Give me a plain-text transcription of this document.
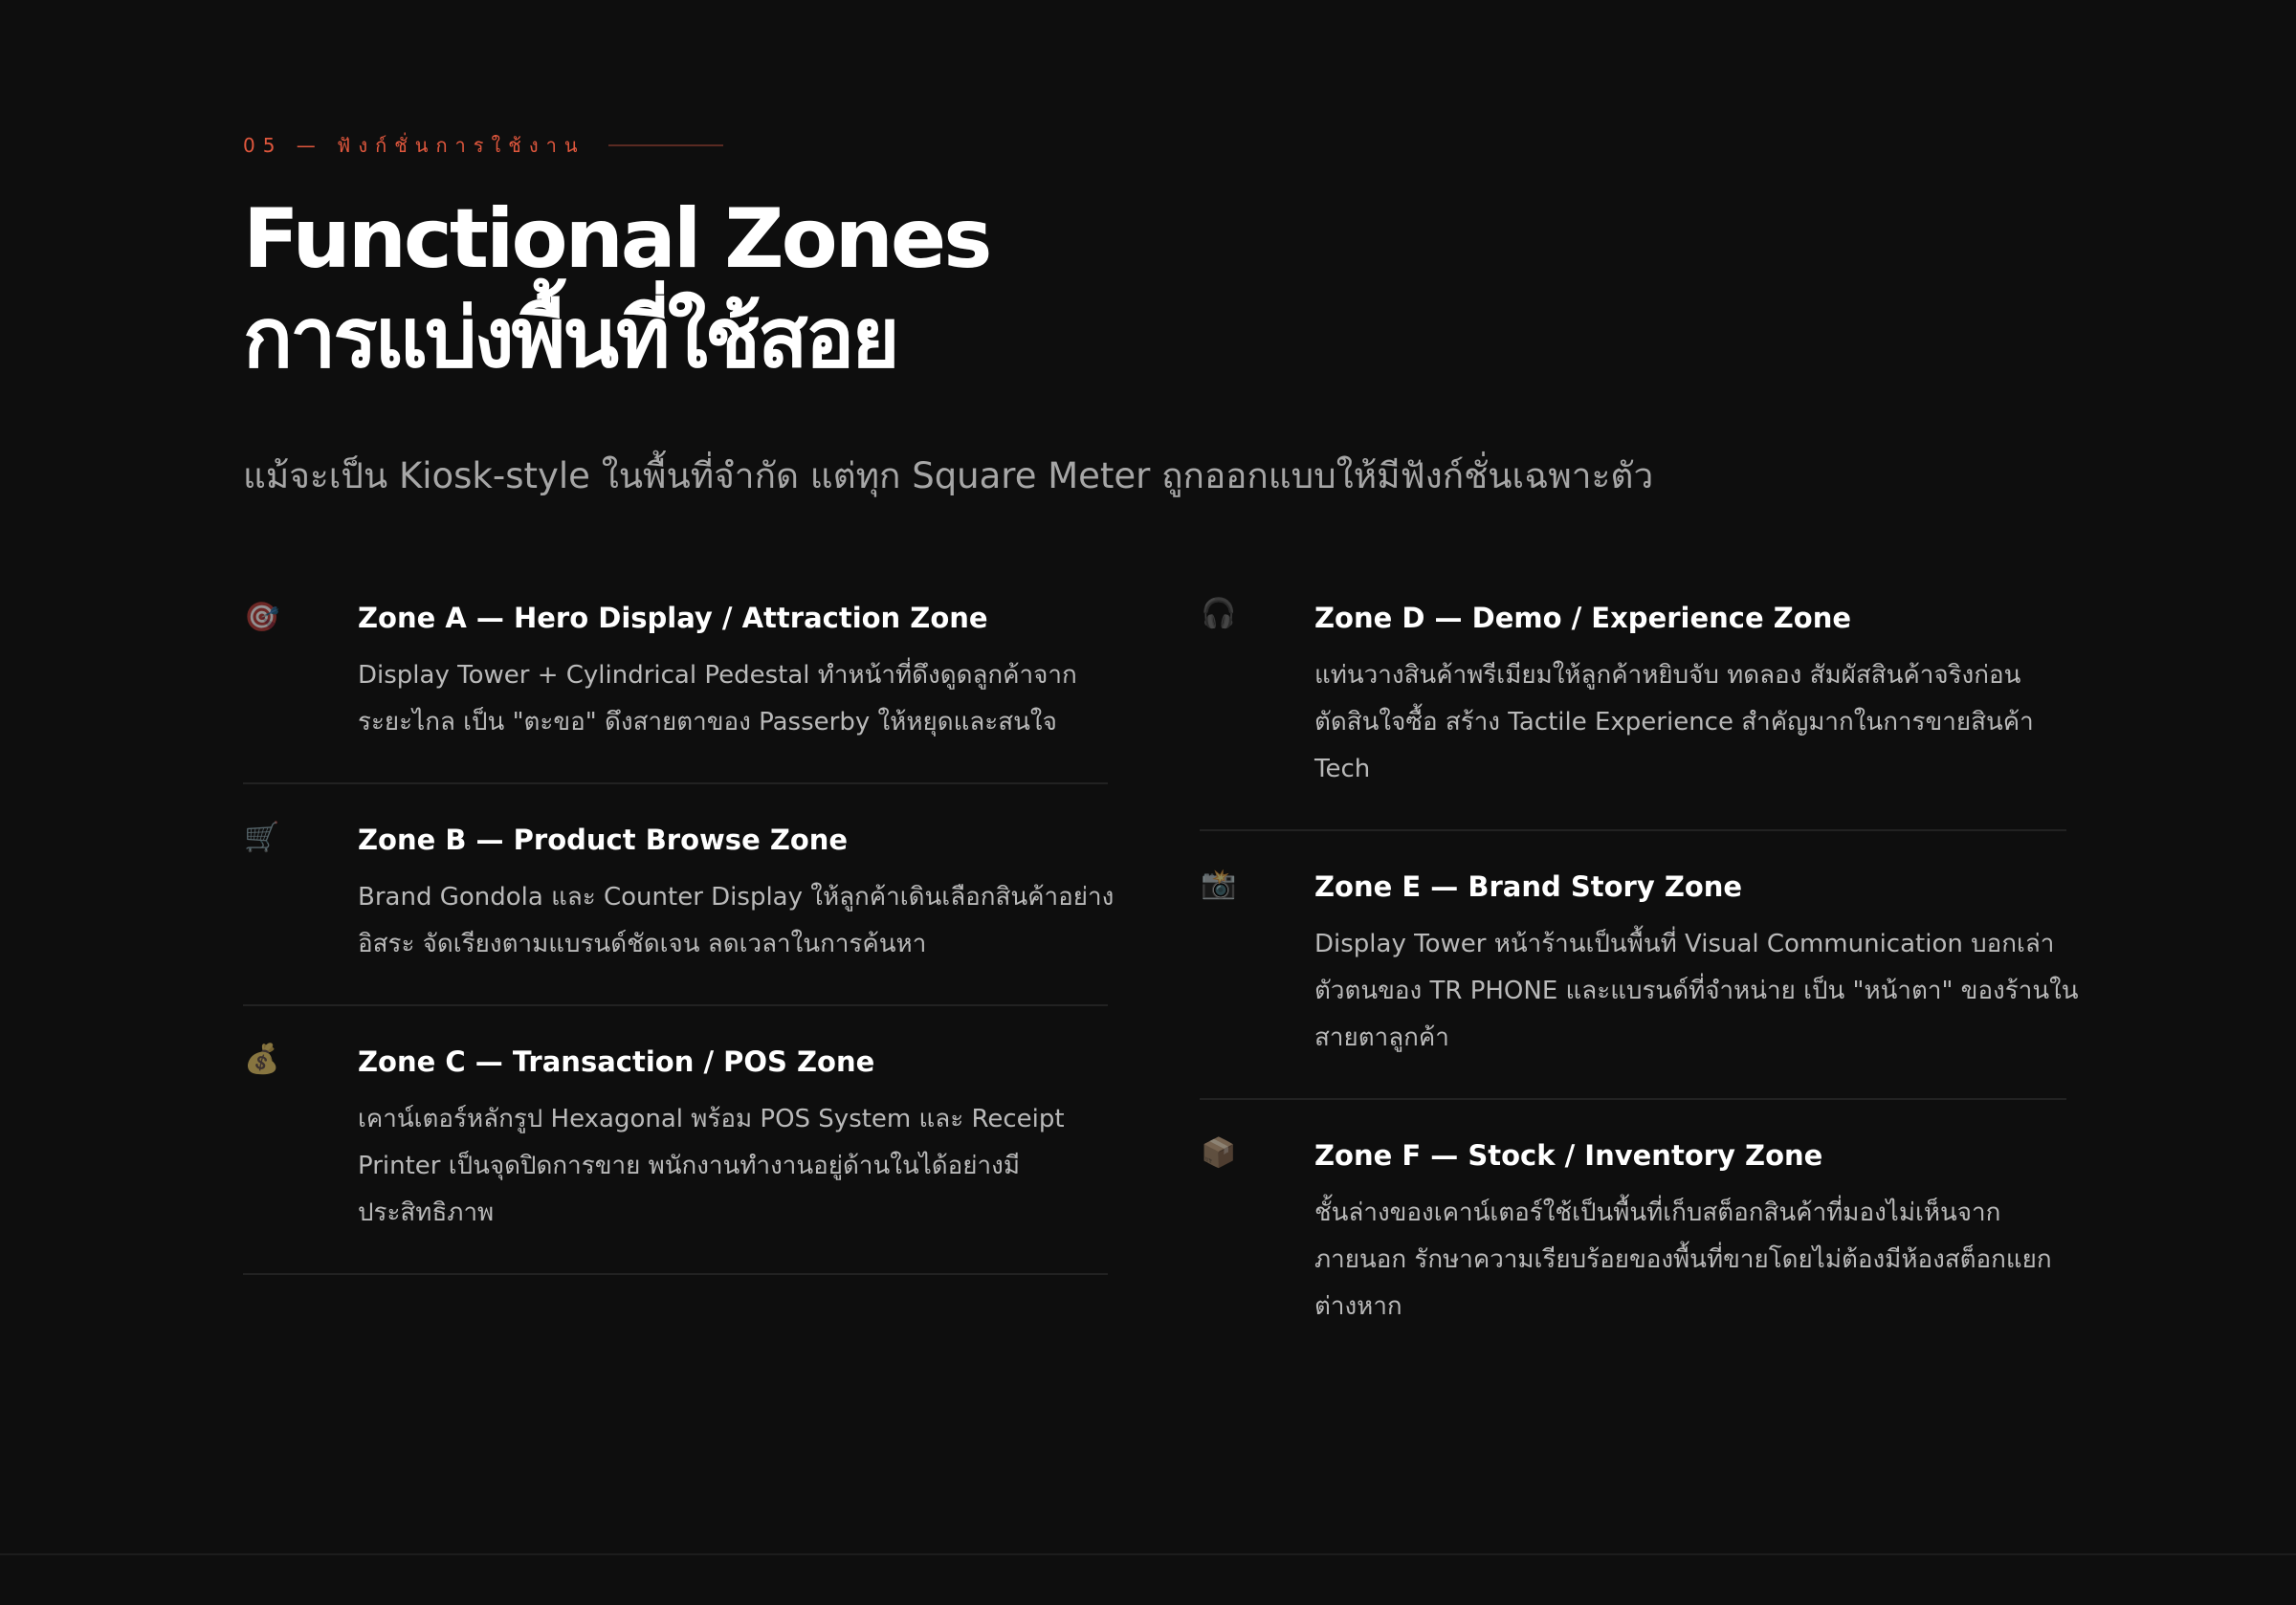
05 — ฟังก์ชั่นการใช้งาน
Functional Zones
การแบ่งพื้นที่ใช้สอย

แม้จะเป็น Kiosk-style ในพื้นที่จำกัด แต่ทุก Square Meter ถูกออกแบบให้มีฟังก์ชั่นเฉพาะตัว

🎯	Zone A — Hero Display / Attraction Zone

Display Tower + Cylindrical Pedestal ทำหน้าที่ดึงดูดลูกค้าจาก
ระยะไกล เป็น "ตะขอ" ดึงสายตาของ Passerby ให้หยุดและสนใจ

🛒	Zone B — Product Browse Zone

Brand Gondola และ Counter Display ให้ลูกค้าเดินเลือกสินค้าอย่าง
อิสระ จัดเรียงตามแบรนด์ชัดเจน ลดเวลาในการค้นหา

💰	Zone C — Transaction / POS Zone

เคาน์เตอร์หลักรูป Hexagonal พร้อม POS System และ Receipt
Printer เป็นจุดปิดการขาย พนักงานทำงานอยู่ด้านในได้อย่างมี
ประสิทธิภาพ

🎧	Zone D — Demo / Experience Zone

แท่นวางสินค้าพรีเมียมให้ลูกค้าหยิบจับ ทดลอง สัมผัสสินค้าจริงก่อน
ตัดสินใจซื้อ สร้าง Tactile Experience สำคัญมากในการขายสินค้า
Tech

📸	Zone E — Brand Story Zone

Display Tower หน้าร้านเป็นพื้นที่ Visual Communication บอกเล่า
ตัวตนของ TR PHONE และแบรนด์ที่จำหน่าย เป็น "หน้าตา" ของร้านใน
สายตาลูกค้า

📦	Zone F — Stock / Inventory Zone

ชั้นล่างของเคาน์เตอร์ใช้เป็นพื้นที่เก็บสต็อกสินค้าที่มองไม่เห็นจาก
ภายนอก รักษาความเรียบร้อยของพื้นที่ขายโดยไม่ต้องมีห้องสต็อกแยก
ต่างหาก
